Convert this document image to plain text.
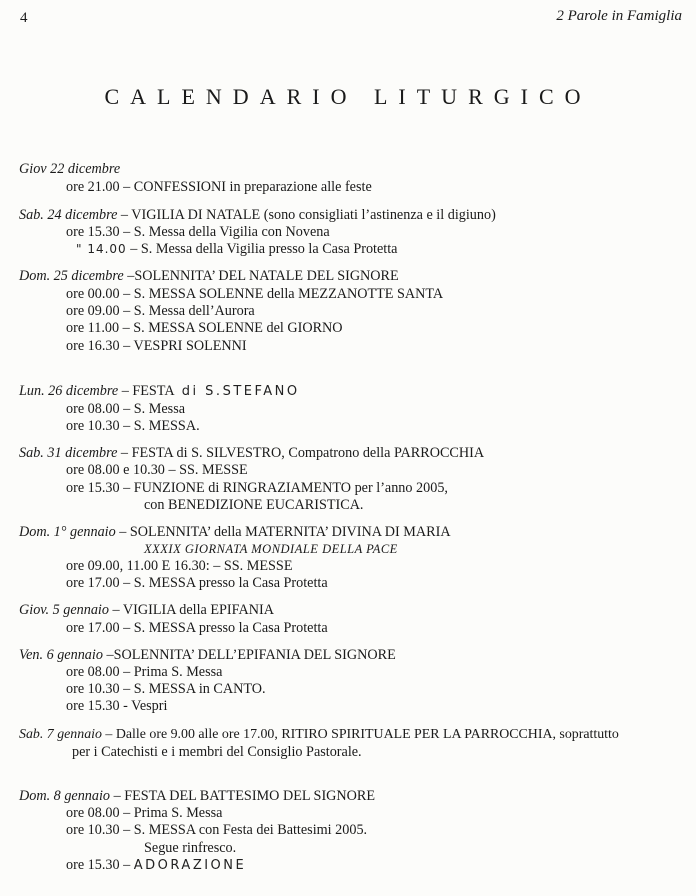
4	2 Parole in Famiglia
CALENDARIO LITURGICO
Giov 22 dicembre
ore 21.00 – CONFESSIONI in preparazione alle feste
Sab. 24 dicembre – VIGILIA DI NATALE (sono consigliati l’astinenza e il digiuno)
ore 15.30 – S. Messa della Vigilia con Novena
" 14.00 – S. Messa della Vigilia presso la Casa Protetta
Dom. 25 dicembre –SOLENNITA’ DEL NATALE DEL SIGNORE
ore 00.00 – S. MESSA SOLENNE della MEZZANOTTE SANTA
ore 09.00 – S. Messa dell’Aurora
ore 11.00 – S. MESSA SOLENNE del GIORNO
ore 16.30 – VESPRI SOLENNI
Lun. 26 dicembre – FESTA di S.STEFANO
ore 08.00 – S. Messa
ore 10.30 – S. MESSA.
Sab. 31 dicembre – FESTA di S. SILVESTRO, Compatrono della PARROCCHIA
ore 08.00 e 10.30 – SS. MESSE
ore 15.30 – FUNZIONE di RINGRAZIAMENTO per l’anno 2005,
con BENEDIZIONE EUCARISTICA.
Dom. 1° gennaio – SOLENNITA’ della MATERNITA’ DIVINA DI MARIA
XXXIX GIORNATA MONDIALE DELLA PACE
ore 09.00, 11.00 E 16.30: – SS. MESSE
ore 17.00 – S. MESSA presso la Casa Protetta
Giov. 5 gennaio – VIGILIA della EPIFANIA
ore 17.00 – S. MESSA presso la Casa Protetta
Ven. 6 gennaio –SOLENNITA’ DELL’EPIFANIA DEL SIGNORE
ore 08.00 – Prima S. Messa
ore 10.30 – S. MESSA in CANTO.
ore 15.30 - Vespri
Sab. 7 gennaio – Dalle ore 9.00 alle ore 17.00, RITIRO SPIRITUALE PER LA PARROCCHIA, soprattutto
per i Catechisti e i membri del Consiglio Pastorale.
Dom. 8 gennaio – FESTA DEL BATTESIMO DEL SIGNORE
ore 08.00 – Prima S. Messa
ore 10.30 – S. MESSA con Festa dei Battesimi 2005.
Segue rinfresco.
ore 15.30 – ADORAZIONE
